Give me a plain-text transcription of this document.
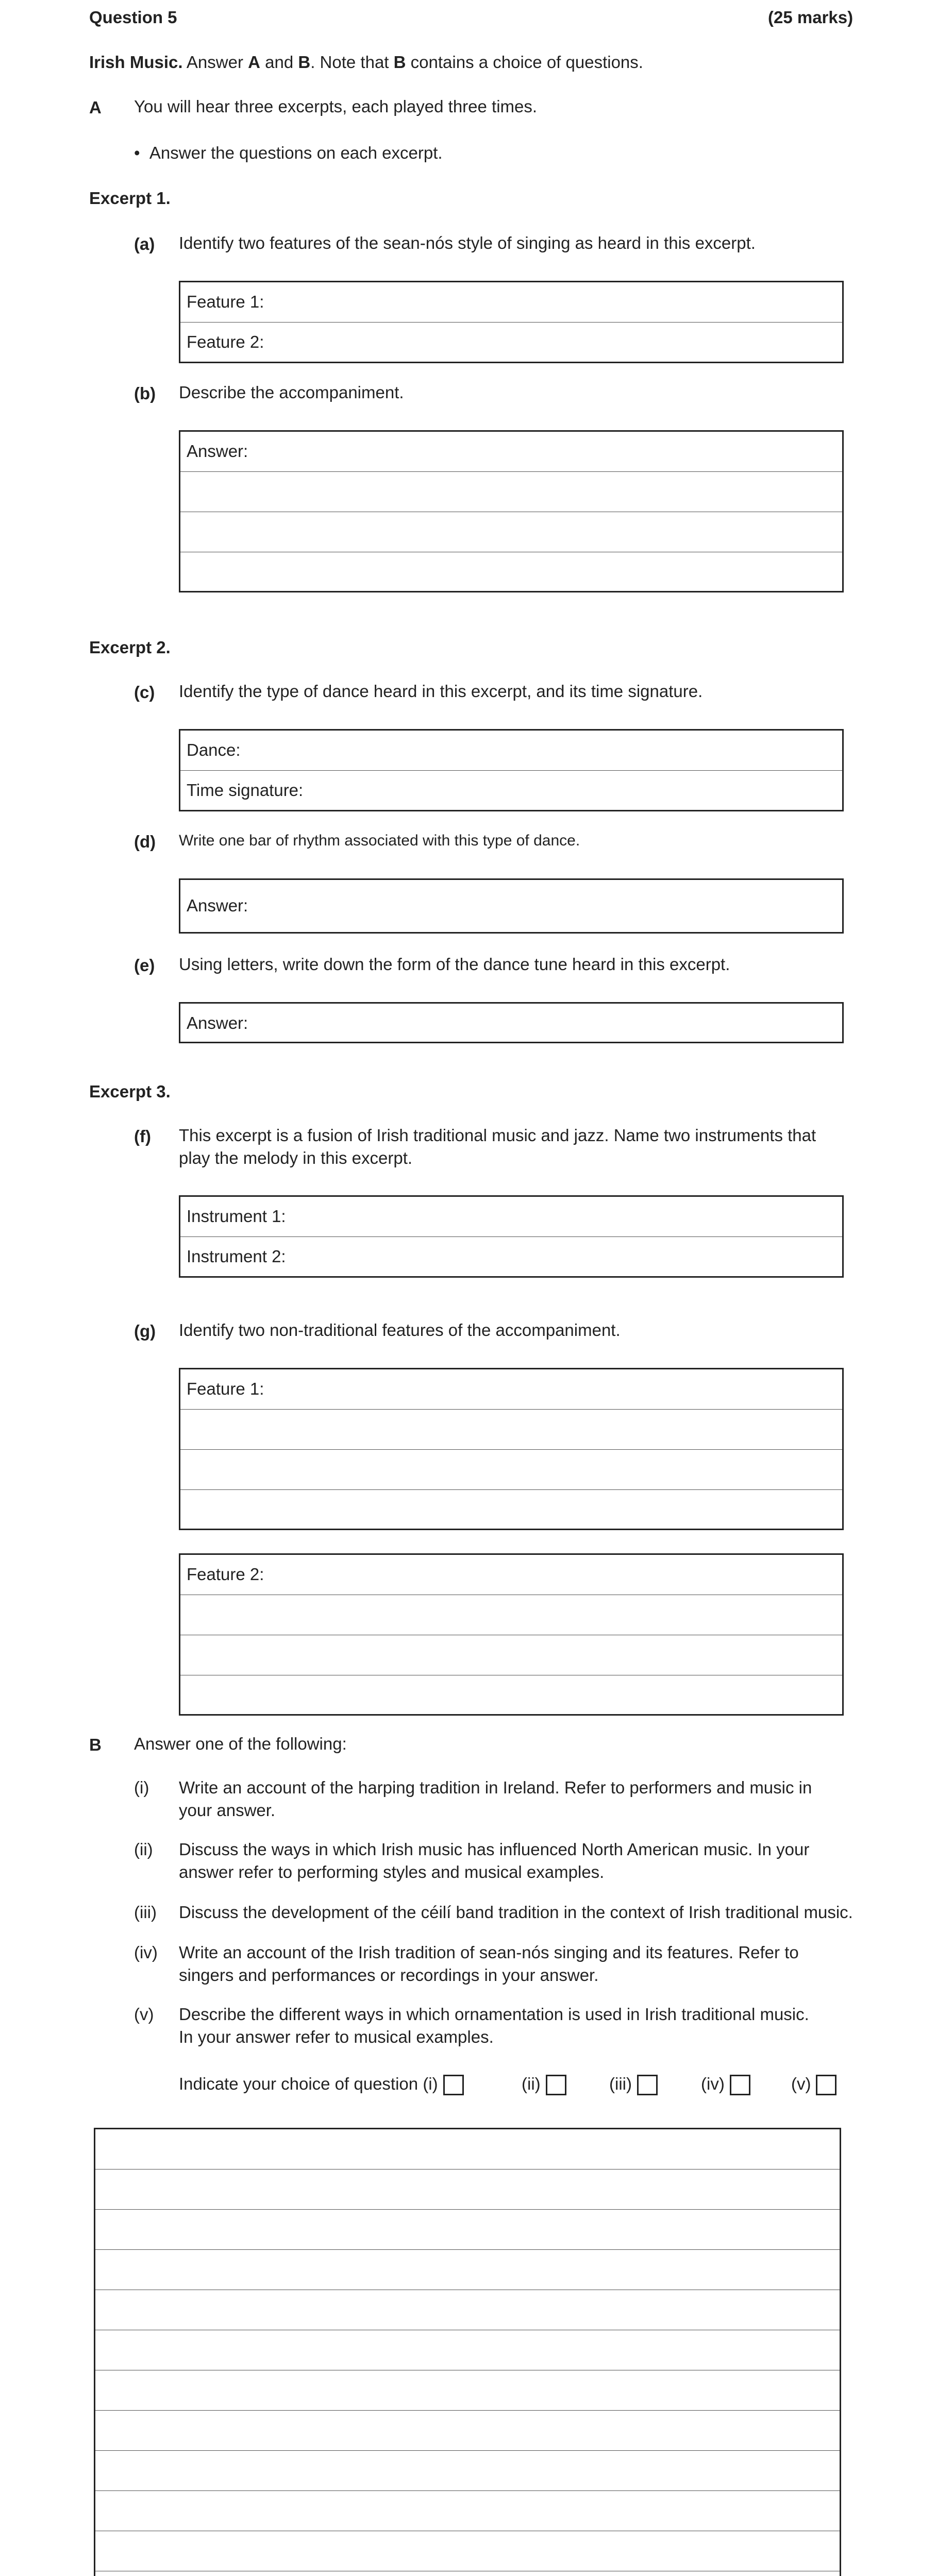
Question 5	(25 marks)
Irish Music. Answer A and B. Note that B contains a choice of questions.
A You will hear three excerpts, each played three times.
•  Answer the questions on each excerpt.
Excerpt 1.
(a) Identify two features of the sean-nós style of singing as heard in this excerpt.
Feature 1:
Feature 2:
(b) Describe the accompaniment.
Answer:
Excerpt 2.
(c) Identify the type of dance heard in this excerpt, and its time signature.
Dance:
Time signature:
(d) Write one bar of rhythm associated with this type of dance.
Answer:
(e) Using letters, write down the form of the dance tune heard in this excerpt.
Answer:
Excerpt 3.
(f) This excerpt is a fusion of Irish traditional music and jazz. Name two instruments that
play the melody in this excerpt.
Instrument 1:
Instrument 2:
(g) Identify two non-traditional features of the accompaniment.
Feature 1:
Feature 2:
B Answer one of the following:
(i) Write an account of the harping tradition in Ireland. Refer to performers and music in
your answer.
(ii) Discuss the ways in which Irish music has influenced North American music. In your
answer refer to performing styles and musical examples.
(iii) Discuss the development of the céilí band tradition in the context of Irish traditional music.
(iv) Write an account of the Irish tradition of sean-nós singing and its features. Refer to
singers and performances or recordings in your answer.
(v) Describe the different ways in which ornamentation is used in Irish traditional music.
In your answer refer to musical examples.
Indicate your choice of question (i)	(ii)	(iii)	(iv)	(v)
